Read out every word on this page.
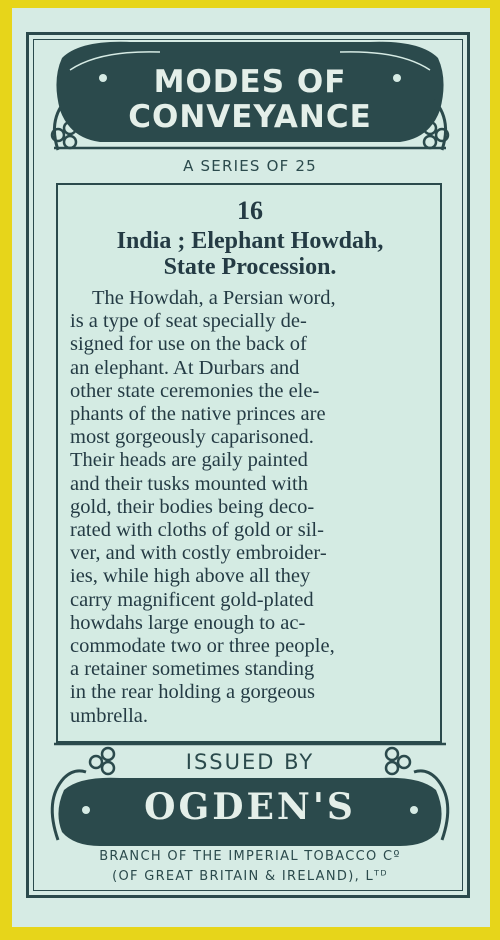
MODES OF
CONVEYANCE
A SERIES OF 25
16
India ; Elephant Howdah,
State Procession.
The Howdah, a Persian word,
is a type of seat specially de-
signed for use on the back of
an elephant. At Durbars and
other state ceremonies the ele-
phants of the native princes are
most gorgeously caparisoned.
Their heads are gaily painted
and their tusks mounted with
gold, their bodies being deco-
rated with cloths of gold or sil-
ver, and with costly embroider-
ies, while high above all they
carry magnificent gold-plated
howdahs large enough to ac-
commodate two or three people,
a retainer sometimes standing
in the rear holding a gorgeous
umbrella.
ISSUED BY
OGDEN'S
BRANCH OF THE IMPERIAL TOBACCO Cº
(OF GREAT BRITAIN & IRELAND), Lᵀᴰ
